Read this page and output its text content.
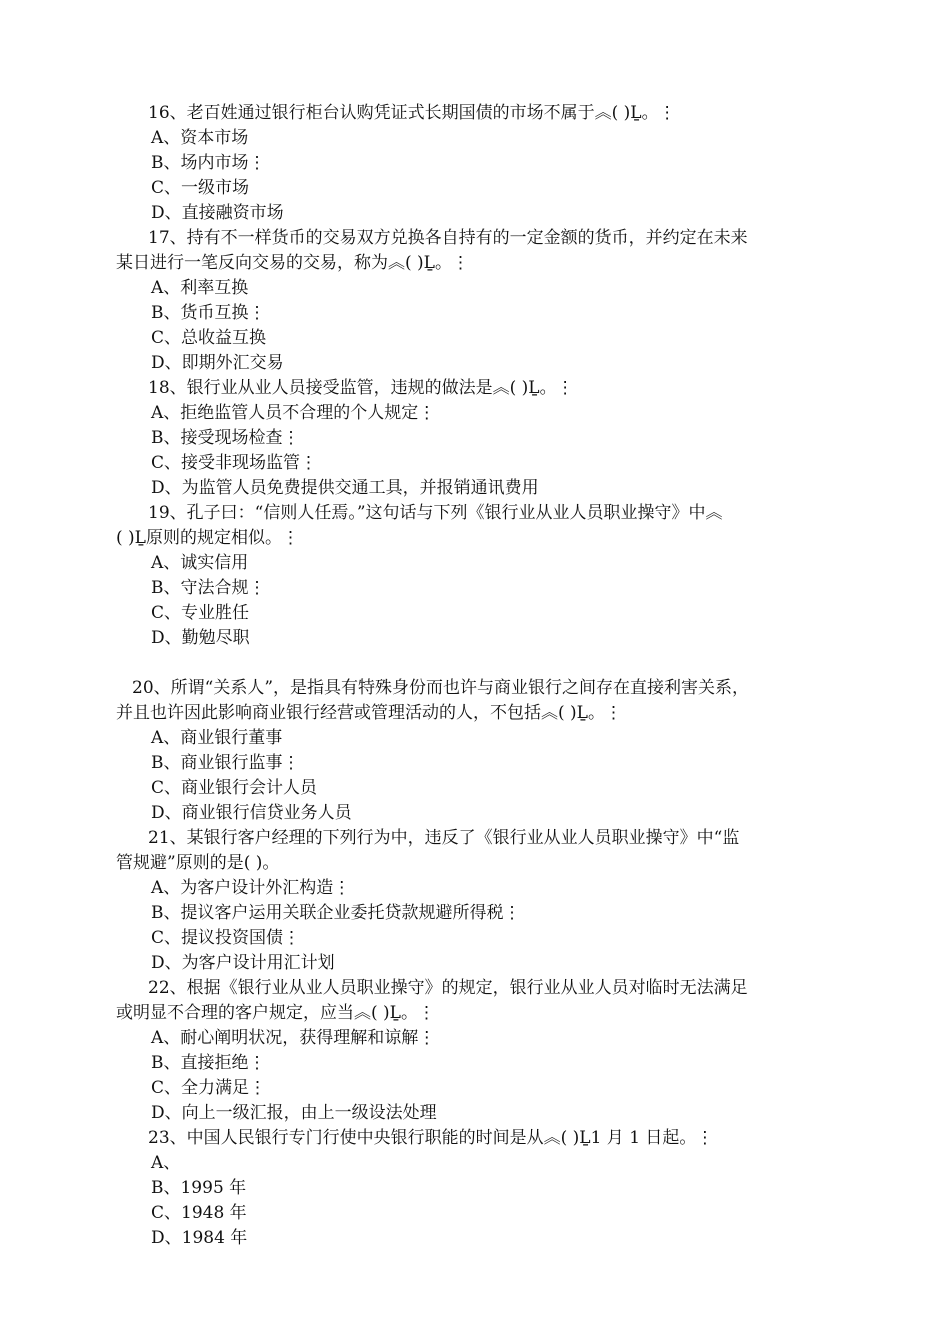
16、老百姓通过银行柜台认购凭证式长期国债的市场不属于︽( )Ḻ。⋮
A、资本市场
B、场内市场⋮
C、一级市场
D、直接融资市场
17、持有不一样货币的交易双方兑换各自持有的一定金额的货币，并约定在未来
某日进行一笔反向交易的交易，称为︽( )Ḻ。⋮
A、利率互换
B、货币互换⋮
C、总收益互换
D、即期外汇交易
18、银行业从业人员接受监管，违规的做法是︽( )Ḻ。⋮
A、拒绝监管人员不合理的个人规定⋮
B、接受现场检查⋮
C、接受非现场监管⋮
D、为监管人员免费提供交通工具，并报销通讯费用
19、孔子曰：“信则人任焉。”这句话与下列《银行业从业人员职业操守》中︽
( )Ḻ原则的规定相似。⋮
A、诚实信用
B、守法合规⋮
C、专业胜任
D、勤勉尽职
20、所谓“关系人”，是指具有特殊身份而也许与商业银行之间存在直接利害关系，
并且也许因此影响商业银行经营或管理活动的人，不包括︽( )Ḻ。⋮
A、商业银行董事
B、商业银行监事⋮
C、商业银行会计人员
D、商业银行信贷业务人员
21、某银行客户经理的下列行为中，违反了《银行业从业人员职业操守》中“监
管规避”原则的是( )。
A、为客户设计外汇构造⋮
B、提议客户运用关联企业委托贷款规避所得税⋮
C、提议投资国债⋮
D、为客户设计用汇计划
22、根据《银行业从业人员职业操守》的规定，银行业从业人员对临时无法满足
或明显不合理的客户规定，应当︽( )Ḻ。⋮
A、耐心阐明状况，获得理解和谅解⋮
B、直接拒绝⋮
C、全力满足⋮
D、向上一级汇报，由上一级设法处理
23、中国人民银行专门行使中央银行职能的时间是从︽( )Ḻ1 月 1 日起。⋮
A、
B、1995 年
C、1948 年
D、1984 年
